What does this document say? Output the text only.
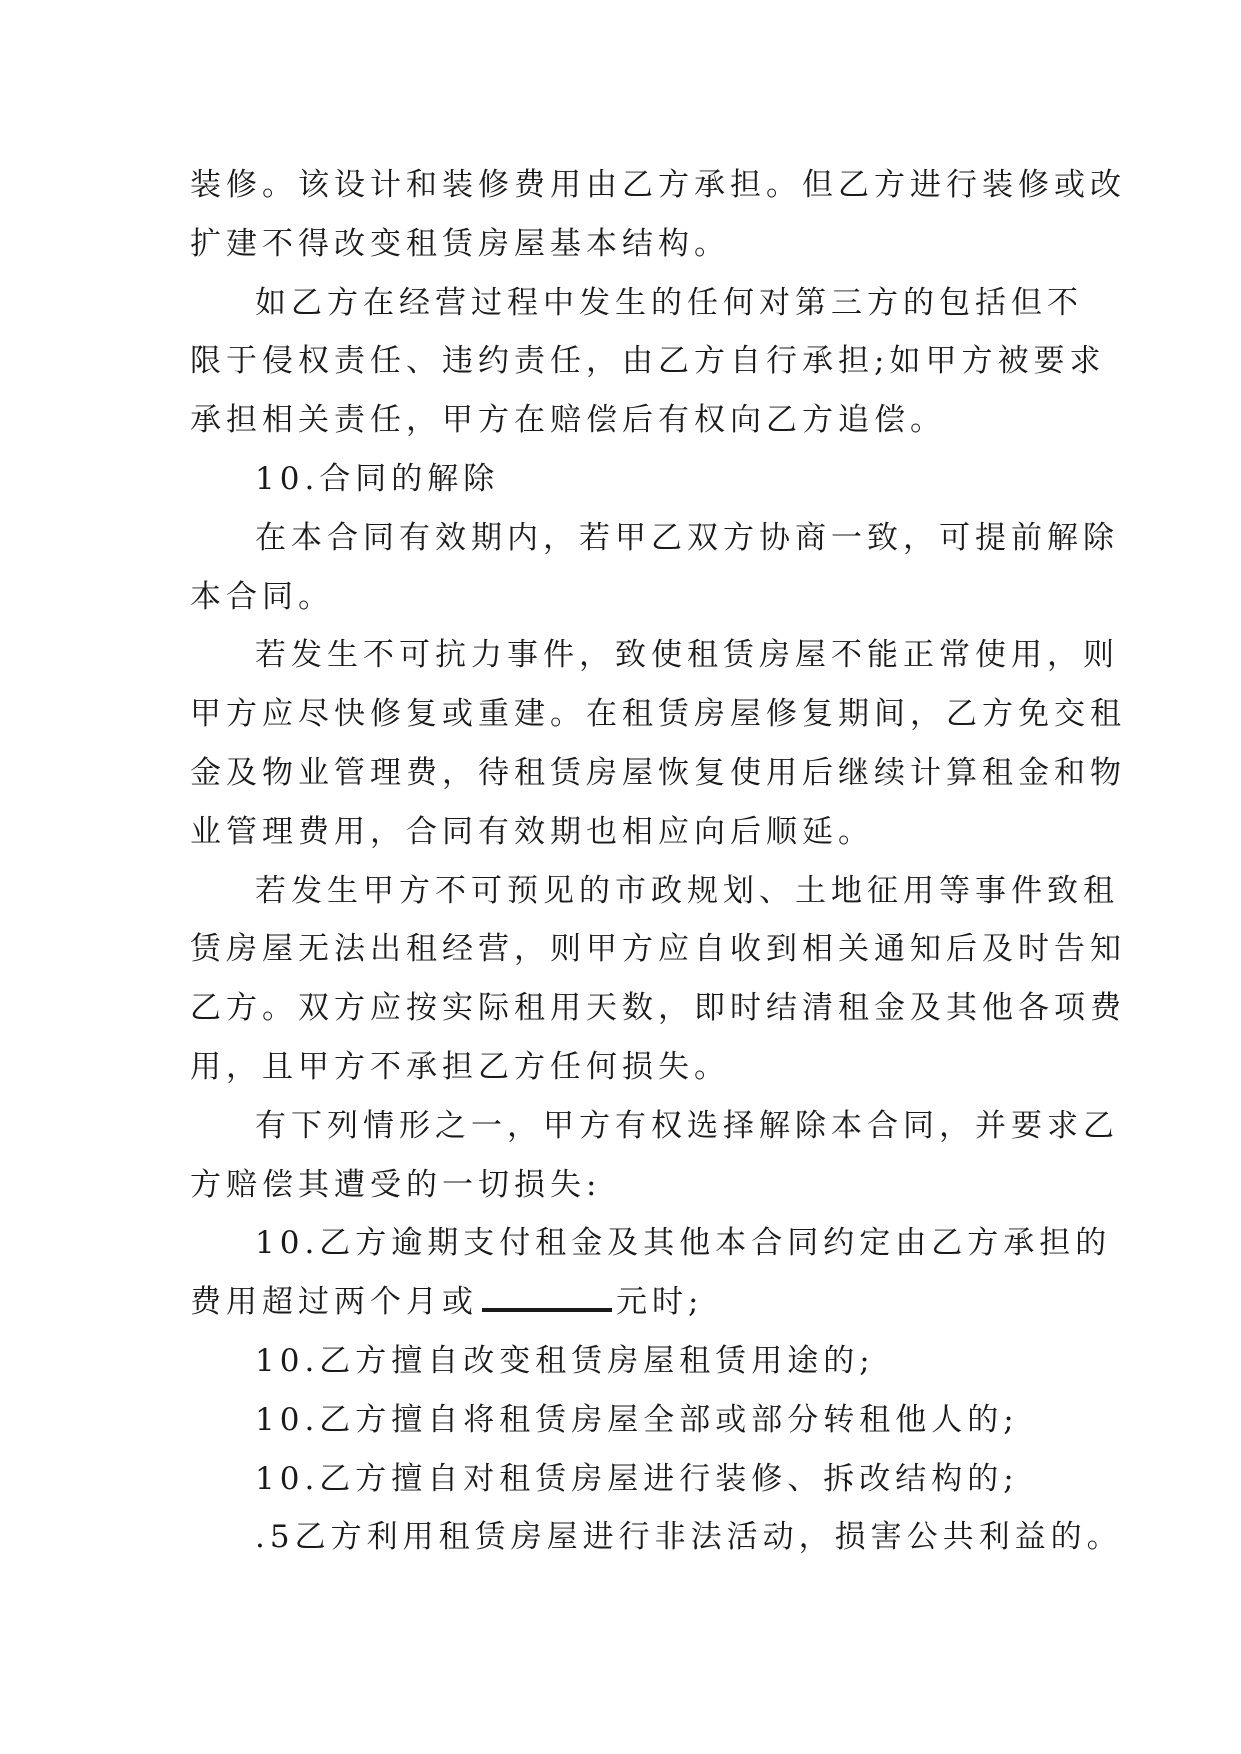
装修。该设计和装修费用由乙方承担。但乙方进行装修或改
扩建不得改变租赁房屋基本结构。
如乙方在经营过程中发生的任何对第三方的包括但不
限于侵权责任、违约责任，由乙方自行承担;如甲方被要求
承担相关责任，甲方在赔偿后有权向乙方追偿。
10.合同的解除
在本合同有效期内，若甲乙双方协商一致，可提前解除
本合同。
若发生不可抗力事件，致使租赁房屋不能正常使用，则
甲方应尽快修复或重建。在租赁房屋修复期间，乙方免交租
金及物业管理费，待租赁房屋恢复使用后继续计算租金和物
业管理费用，合同有效期也相应向后顺延。
若发生甲方不可预见的市政规划、土地征用等事件致租
赁房屋无法出租经营，则甲方应自收到相关通知后及时告知
乙方。双方应按实际租用天数，即时结清租金及其他各项费
用，且甲方不承担乙方任何损失。
有下列情形之一，甲方有权选择解除本合同，并要求乙
方赔偿其遭受的一切损失:
10.乙方逾期支付租金及其他本合同约定由乙方承担的
费用超过两个月或	元时;
10.乙方擅自改变租赁房屋租赁用途的;
10.乙方擅自将租赁房屋全部或部分转租他人的;
10.乙方擅自对租赁房屋进行装修、拆改结构的;
.5乙方利用租赁房屋进行非法活动，损害公共利益的。
